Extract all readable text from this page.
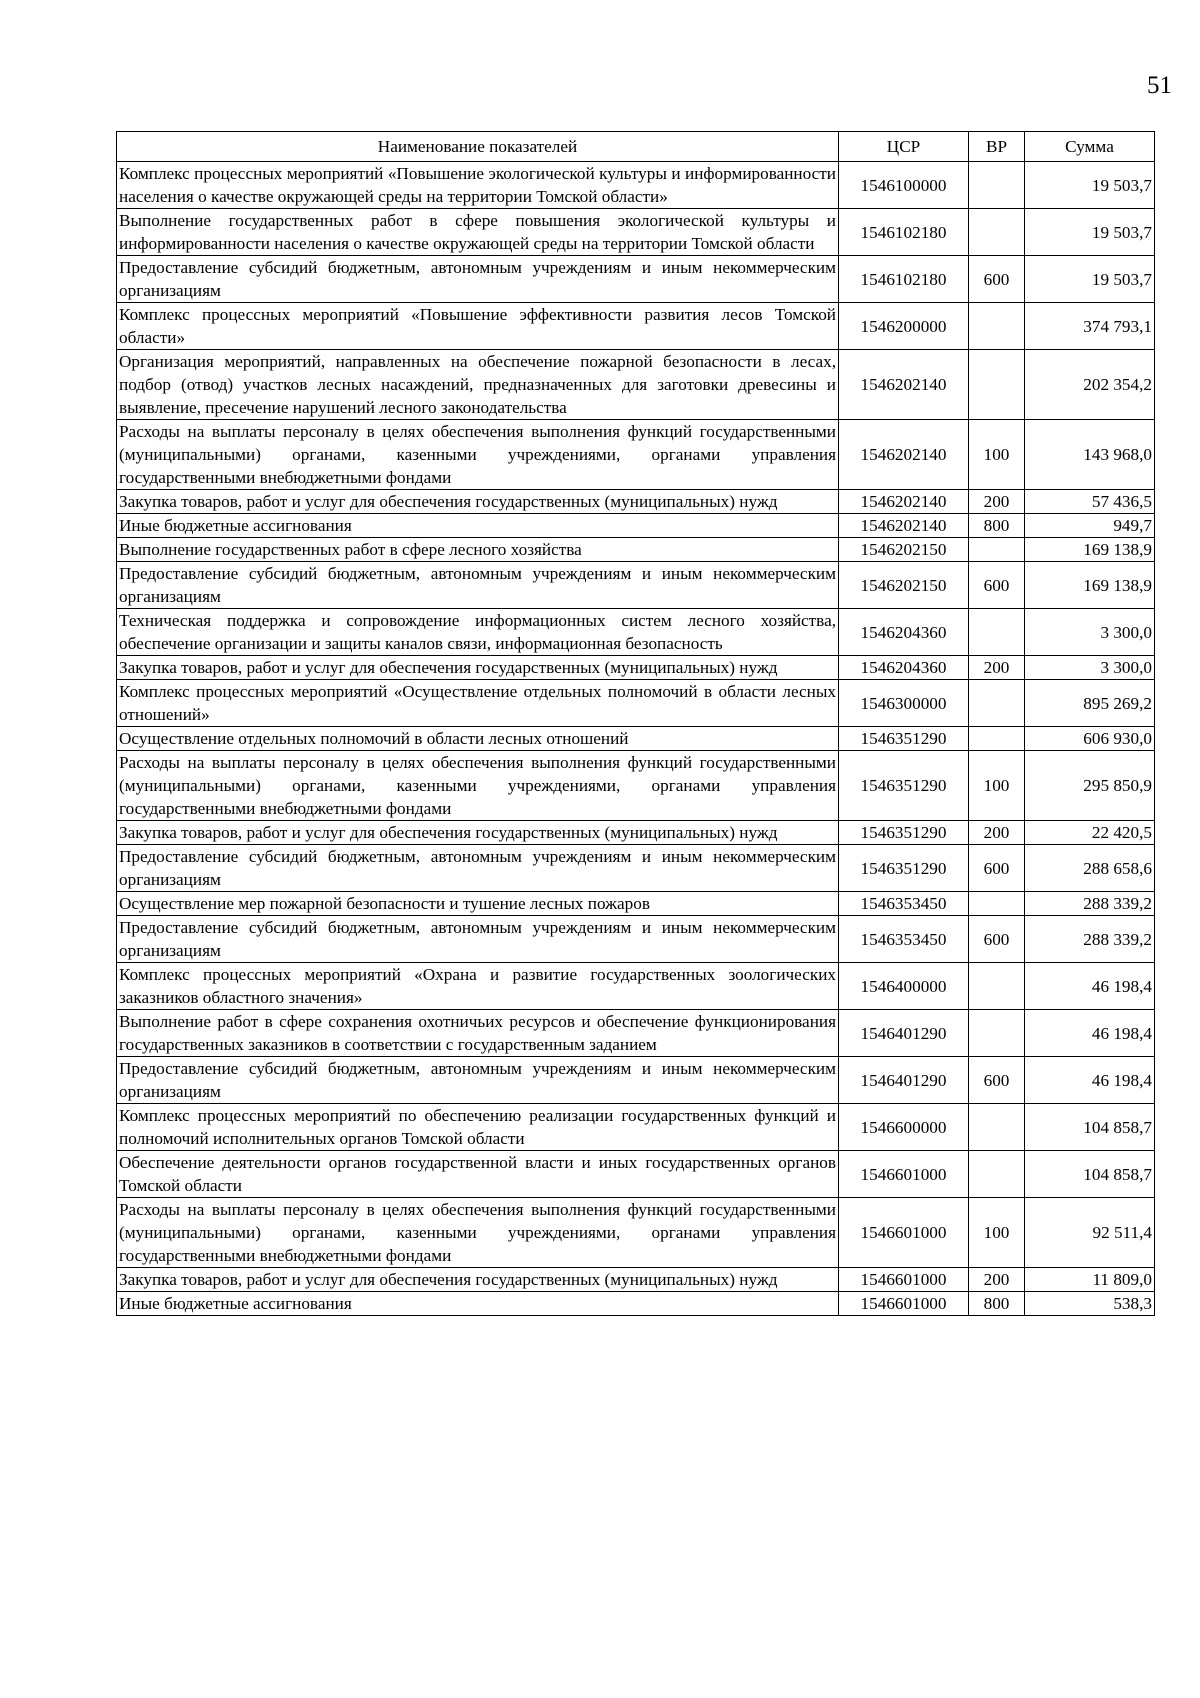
51
Наименование показателей	ЦСР	ВР	Сумма
Комплекс процессных мероприятий «Повышение экологической культуры и информированности населения о качестве окружающей среды на территории Томской области»	1546100000		19 503,7
Выполнение государственных работ в сфере повышения экологической культуры и информированности населения о качестве окружающей среды на территории Томской области	1546102180		19 503,7
Предоставление субсидий бюджетным, автономным учреждениям и иным некоммерческим организациям	1546102180	600	19 503,7
Комплекс процессных мероприятий «Повышение эффективности развития лесов Томской области»	1546200000		374 793,1
Организация мероприятий, направленных на обеспечение пожарной безопасности в лесах, подбор (отвод) участков лесных насаждений, предназначенных для заготовки древесины и выявление, пресечение нарушений лесного законодательства	1546202140		202 354,2
Расходы на выплаты персоналу в целях обеспечения выполнения функций государственными (муниципальными) органами, казенными учреждениями, органами управления государственными внебюджетными фондами	1546202140	100	143 968,0
Закупка товаров, работ и услуг для обеспечения государственных (муниципальных) нужд	1546202140	200	57 436,5
Иные бюджетные ассигнования	1546202140	800	949,7
Выполнение государственных работ в сфере лесного хозяйства	1546202150		169 138,9
Предоставление субсидий бюджетным, автономным учреждениям и иным некоммерческим организациям	1546202150	600	169 138,9
Техническая поддержка и сопровождение информационных систем лесного хозяйства, обеспечение организации и защиты каналов связи, информационная безопасность	1546204360		3 300,0
Закупка товаров, работ и услуг для обеспечения государственных (муниципальных) нужд	1546204360	200	3 300,0
Комплекс процессных мероприятий «Осуществление отдельных полномочий в области лесных отношений»	1546300000		895 269,2
Осуществление отдельных полномочий в области лесных отношений	1546351290		606 930,0
Расходы на выплаты персоналу в целях обеспечения выполнения функций государственными (муниципальными) органами, казенными учреждениями, органами управления государственными внебюджетными фондами	1546351290	100	295 850,9
Закупка товаров, работ и услуг для обеспечения государственных (муниципальных) нужд	1546351290	200	22 420,5
Предоставление субсидий бюджетным, автономным учреждениям и иным некоммерческим организациям	1546351290	600	288 658,6
Осуществление мер пожарной безопасности и тушение лесных пожаров	1546353450		288 339,2
Предоставление субсидий бюджетным, автономным учреждениям и иным некоммерческим организациям	1546353450	600	288 339,2
Комплекс процессных мероприятий «Охрана и развитие государственных зоологических заказников областного значения»	1546400000		46 198,4
Выполнение работ в сфере сохранения охотничьих ресурсов и обеспечение функционирования государственных заказников в соответствии с государственным заданием	1546401290		46 198,4
Предоставление субсидий бюджетным, автономным учреждениям и иным некоммерческим организациям	1546401290	600	46 198,4
Комплекс процессных мероприятий по обеспечению реализации государственных функций и полномочий исполнительных органов Томской области	1546600000		104 858,7
Обеспечение деятельности органов государственной власти и иных государственных органов Томской области	1546601000		104 858,7
Расходы на выплаты персоналу в целях обеспечения выполнения функций государственными (муниципальными) органами, казенными учреждениями, органами управления государственными внебюджетными фондами	1546601000	100	92 511,4
Закупка товаров, работ и услуг для обеспечения государственных (муниципальных) нужд	1546601000	200	11 809,0
Иные бюджетные ассигнования	1546601000	800	538,3
